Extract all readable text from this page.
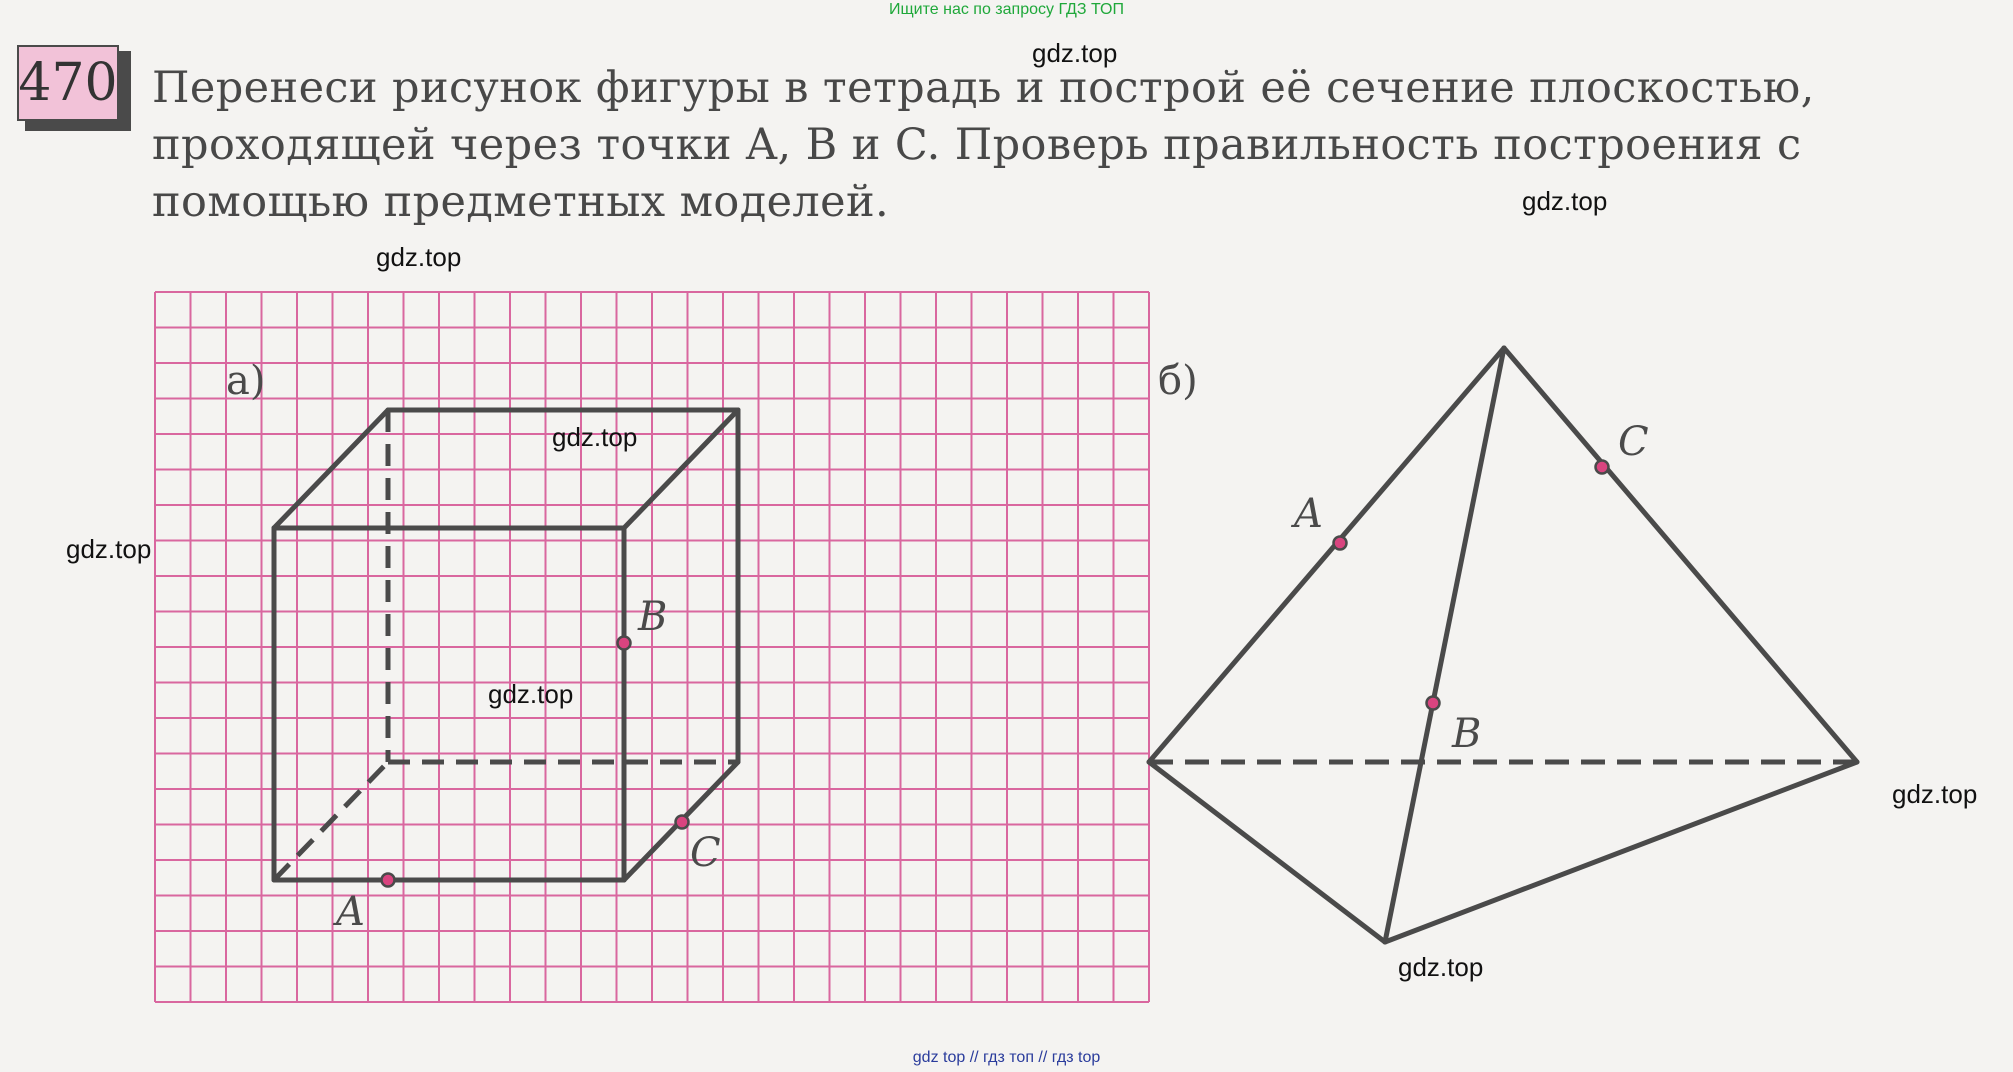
Ищите нас по запросу ГДЗ ТОП
470 Перенеси рисунок фигуры в тетрадь и построй её сечение плоскостью,

проходящей через точки A, B и C. Проверь правильность построения с

помощью предметных моделей.

а)
A
B
C
б)
A
B
C
gdz.top
gdz.top
gdz.top
gdz.top
gdz.top
gdz.top
gdz.top
gdz.top
gdz top // гдз топ // гдз top
